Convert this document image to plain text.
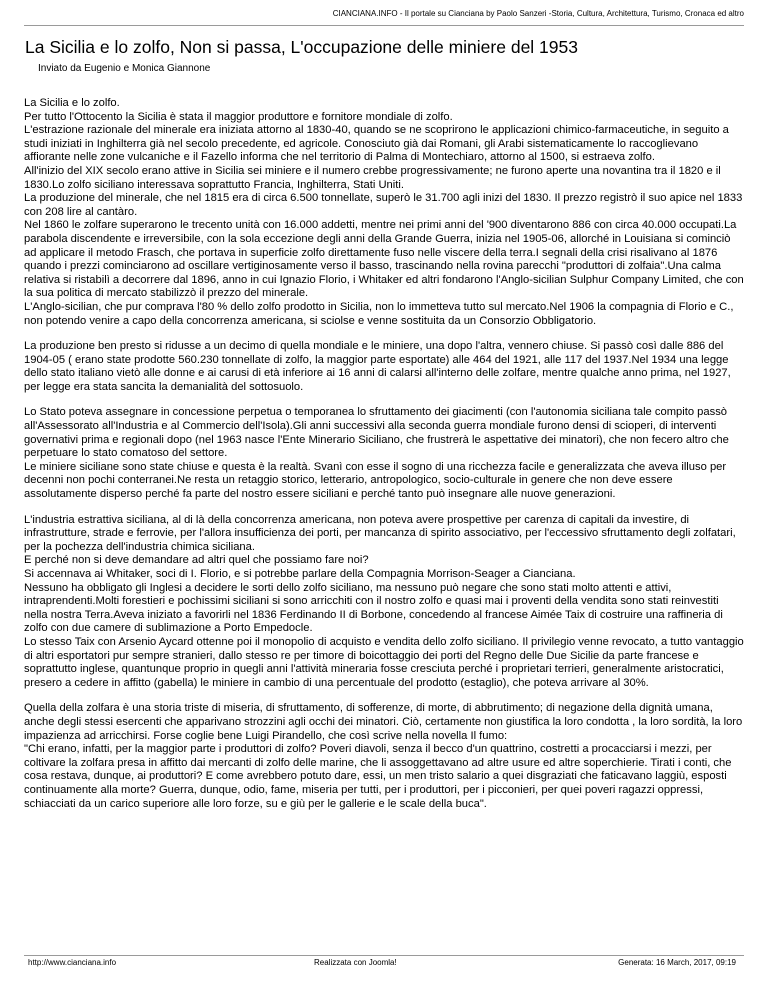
CIANCIANA.INFO - Il portale su Cianciana by Paolo Sanzeri -Storia, Cultura, Architettura, Turismo, Cronaca ed altro
La Sicilia e lo zolfo, Non si passa, L'occupazione delle miniere del 1953
Inviato da Eugenio e Monica Giannone

La Sicilia e lo zolfo.
Per tutto l'Ottocento la Sicilia è stata il maggior produttore e fornitore mondiale di zolfo.
L'estrazione razionale del minerale era iniziata attorno al 1830-40, quando se ne scoprirono le applicazioni chimico-farmaceutiche, in seguito a studi iniziati in Inghilterra già nel secolo precedente, ed agricole. Conosciuto già dai Romani, gli Arabi sistematicamente lo raccoglievano affiorante nelle zone vulcaniche e il Fazello informa che nel territorio di Palma di Montechiaro, attorno al 1500, si estraeva zolfo.
All'inizio del XIX secolo erano attive in Sicilia sei miniere e il numero crebbe progressivamente; ne furono aperte una novantina tra il 1820 e il 1830.Lo zolfo siciliano interessava soprattutto Francia, Inghilterra, Stati Uniti.
La produzione del minerale, che nel 1815 era di circa 6.500 tonnellate, superò le 31.700 agli inizi del 1830. Il prezzo registrò il suo apice nel 1833 con 208 lire al cantàro.
Nel 1860 le zolfare superarono le trecento unità con 16.000 addetti, mentre nei primi anni del '900 diventarono 886 con circa 40.000 occupati.La parabola discendente e irreversibile, con la sola eccezione degli anni della Grande Guerra, inizia nel 1905-06, allorché in Louisiana si cominciò ad applicare il metodo Frasch, che portava in superficie zolfo direttamente fuso nelle viscere della terra.I segnali della crisi risalivano al 1876 quando i prezzi cominciarono ad oscillare vertiginosamente verso il basso, trascinando nella rovina parecchi "produttori di zolfaia".Una calma relativa si ristabilì a decorrere dal 1896, anno in cui Ignazio Florio, i Whitaker ed altri fondarono l'Anglo-sicilian Sulphur Company Limited, che con la sua politica di mercato stabilizzò il prezzo del minerale.
L'Anglo-sicilian, che pur comprava l'80 % dello zolfo prodotto in Sicilia, non lo immetteva tutto sul mercato.Nel 1906 la compagnia di Florio e C., non potendo venire a capo della concorrenza americana, si sciolse e venne sostituita da un Consorzio Obbligatorio.

La produzione ben presto si ridusse a un decimo di quella mondiale e le miniere, una dopo l'altra, vennero chiuse. Si passò così dalle 886 del 1904-05 ( erano state prodotte 560.230 tonnellate di zolfo, la maggior parte esportate) alle 464 del 1921, alle 117 del 1937.Nel 1934 una legge dello stato italiano vietò alle donne e ai carusi di età inferiore ai 16 anni di calarsi all'interno delle zolfare, mentre qualche anno prima, nel 1927, per legge era stata sancita la demanialità del sottosuolo.

Lo Stato poteva assegnare in concessione perpetua o temporanea lo sfruttamento dei giacimenti (con l'autonomia siciliana tale compito passò all'Assessorato all'Industria e al Commercio dell'Isola).Gli anni successivi alla seconda guerra mondiale furono densi di scioperi, di interventi governativi prima e regionali dopo (nel 1963 nasce l'Ente Minerario Siciliano, che frustrerà le aspettative dei minatori), che non fecero altro che perpetuare lo stato comatoso del settore.
Le miniere siciliane sono state chiuse e questa è la realtà. Svanì con esse il sogno di una ricchezza facile e generalizzata che aveva illuso per decenni non pochi conterranei.Ne resta un retaggio storico, letterario, antropologico, socio-culturale in genere che non deve essere assolutamente disperso perché fa parte del nostro essere siciliani e perché tanto può insegnare alle nuove generazioni.

L'industria estrattiva siciliana, al di là della concorrenza americana, non poteva avere prospettive per carenza di capitali da investire, di infrastrutture, strade e ferrovie, per l'allora insufficienza dei porti, per mancanza di spirito associativo, per l'eccessivo sfruttamento degli zolfatari, per la pochezza dell'industria chimica siciliana.
E perché non si deve demandare ad altri quel che possiamo fare noi?
Si accennava ai Whitaker, soci di I. Florio, e si potrebbe parlare della Compagnia Morrison-Seager a Cianciana.
Nessuno ha obbligato gli Inglesi a decidere le sorti dello zolfo siciliano, ma nessuno può negare che sono stati molto attenti e attivi, intraprendenti.Molti forestieri e pochissimi siciliani si sono arricchiti con il nostro zolfo e quasi mai i proventi della vendita sono stati reinvestiti nella nostra Terra.Aveva iniziato a favorirli nel 1836 Ferdinando II di Borbone, concedendo al francese Aimée Taix di costruire una raffineria di zolfo con due camere di sublimazione a Porto Empedocle.
Lo stesso Taix con Arsenio Aycard ottenne poi il monopolio di acquisto e vendita dello zolfo siciliano. Il privilegio venne revocato, a tutto vantaggio di altri esportatori pur sempre stranieri, dallo stesso re per timore di boicottaggio dei porti del Regno delle Due Sicilie da parte francese e soprattutto inglese, quantunque proprio in quegli anni l'attività mineraria fosse cresciuta perché i proprietari terrieri, generalmente aristocratici, presero a cedere in affitto (gabella) le miniere in cambio di una percentuale del prodotto (estaglio), che poteva arrivare al 30%.

Quella della zolfara è una storia triste di miseria, di sfruttamento, di sofferenze, di morte, di abbrutimento; di negazione della dignità umana, anche degli stessi esercenti che apparivano strozzini agli occhi dei minatori. Ciò, certamente non giustifica la loro condotta , la loro sordità, la loro impazienza ad arricchirsi. Forse coglie bene Luigi Pirandello, che così scrive nella novella Il fumo:
"Chi erano, infatti, per la maggior parte i produttori di zolfo? Poveri diavoli, senza il becco d'un quattrino, costretti a procacciarsi i mezzi, per coltivare la zolfara presa in affitto dai mercanti di zolfo delle marine, che li assoggettavano ad altre usure ed altre soperchierie. Tirati i conti, che cosa restava, dunque, ai produttori? E come avrebbero potuto dare, essi, un men tristo salario a quei disgraziati che faticavano laggiù, esposti continuamente alla morte? Guerra, dunque, odio, fame, miseria per tutti, per i produttori, per i picconieri, per quei poveri ragazzi oppressi, schiacciati da un carico superiore alle loro forze, su e giù per le gallerie e le scale della buca".

http://www.cianciana.info	Realizzata con Joomla!	Generata: 16 March, 2017, 09:19
